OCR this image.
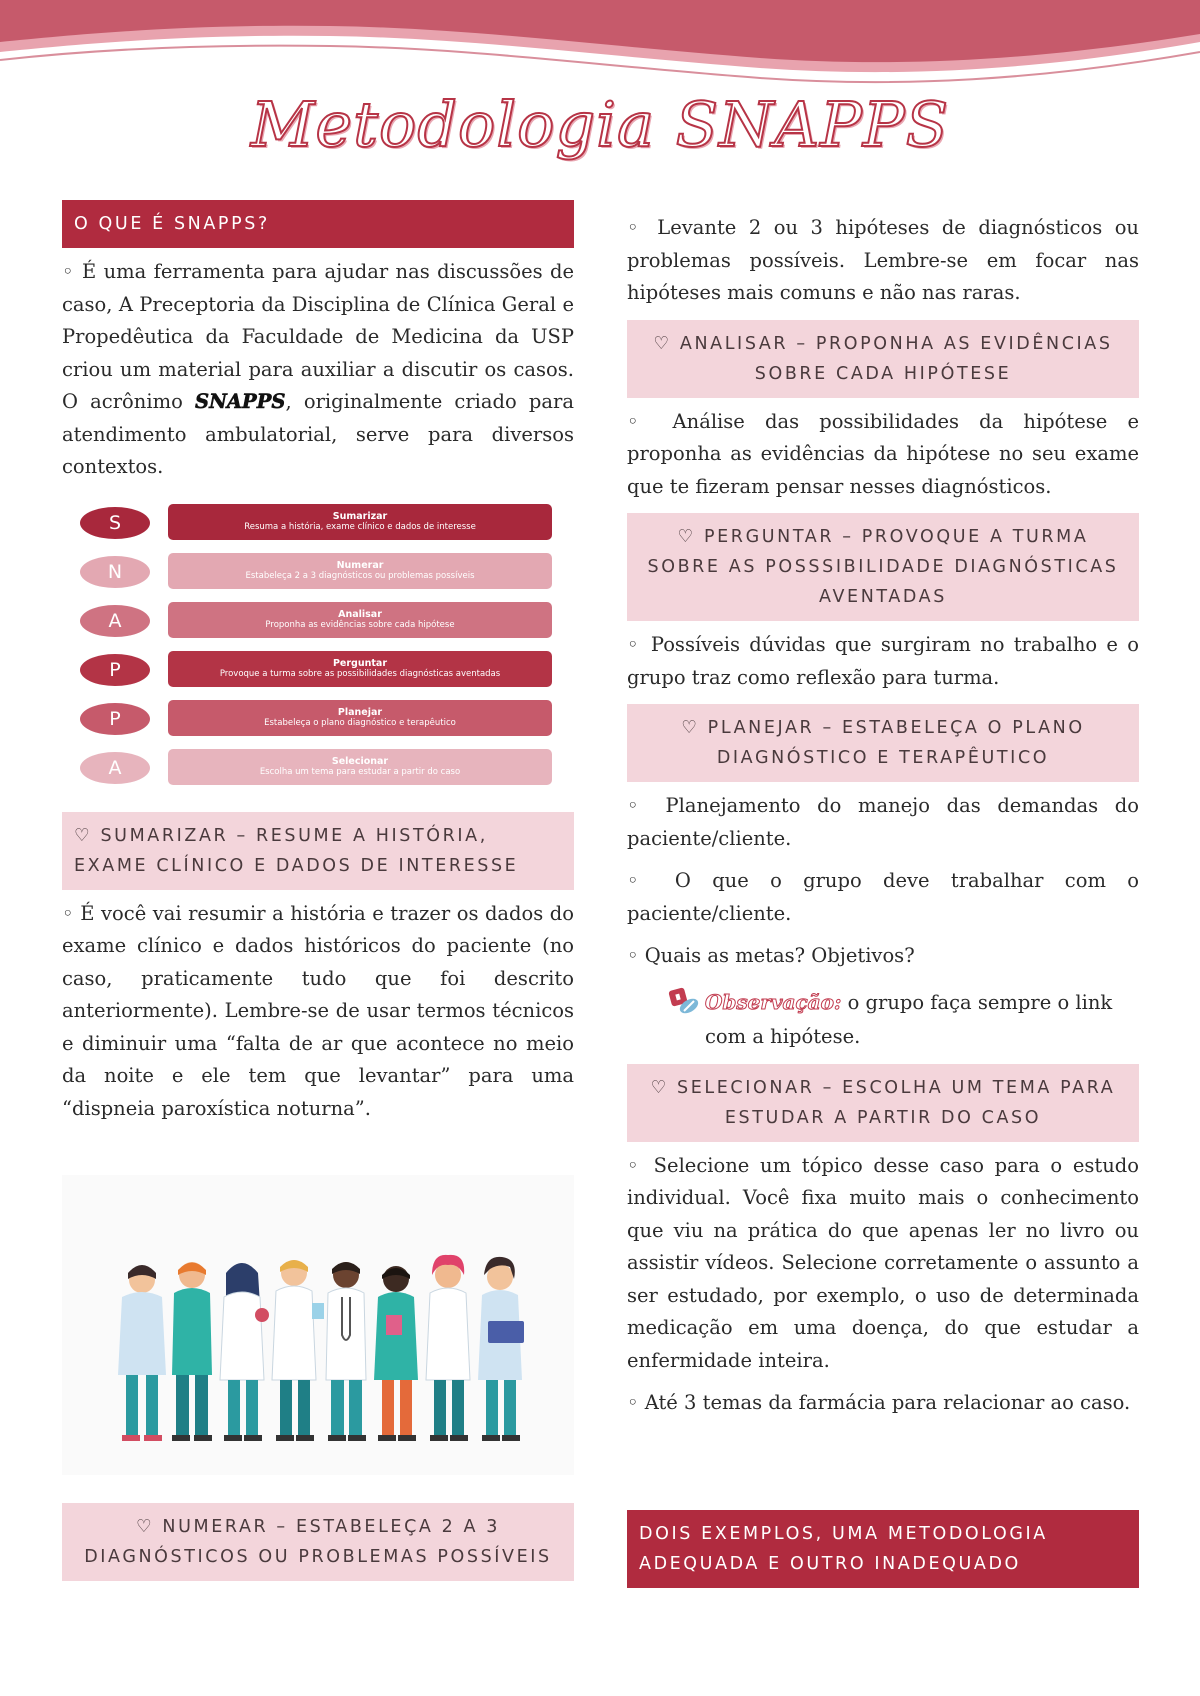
Metodologia SNAPPS
O QUE É SNAPPS?

◦ É uma ferramenta para ajudar nas discussões de caso, A Preceptoria da Disciplina de Clínica Geral e Propedêutica da Faculdade de Medicina da USP criou um material para auxiliar a discutir os casos. O acrônimo SNAPPS, originalmente criado para atendimento ambulatorial, serve para diversos contextos.

S	Sumarizar
Resuma a história, exame clínico e dados de interesse
N	Numerar
Estabeleça 2 a 3 diagnósticos ou problemas possíveis
A	Analisar
Proponha as evidências sobre cada hipótese
P	Perguntar
Provoque a turma sobre as possibilidades diagnósticas aventadas
P	Planejar
Estabeleça o plano diagnóstico e terapêutico
A	Selecionar
Escolha um tema para estudar a partir do caso
♡ SUMARIZAR – RESUME A HISTÓRIA, EXAME CLÍNICO E DADOS DE INTERESSE

◦ É você vai resumir a história e trazer os dados do exame clínico e dados históricos do paciente (no caso, praticamente tudo que foi descrito anteriormente). Lembre-se de usar termos técnicos e diminuir uma “falta de ar que acontece no meio da noite e ele tem que levantar” para uma “dispneia paroxística noturna”.

♡ NUMERAR – ESTABELEÇA 2 A 3 DIAGNÓSTICOS OU PROBLEMAS POSSÍVEIS

◦ Levante 2 ou 3 hipóteses de diagnósticos ou problemas possíveis. Lembre-se em focar nas hipóteses mais comuns e não nas raras.

♡ ANALISAR – PROPONHA AS EVIDÊNCIAS SOBRE CADA HIPÓTESE

◦ Análise das possibilidades da hipótese e proponha as evidências da hipótese no seu exame que te fizeram pensar nesses diagnósticos.

♡ PERGUNTAR – PROVOQUE A TURMA SOBRE AS POSSSIBILIDADE DIAGNÓSTICAS AVENTADAS

◦ Possíveis dúvidas que surgiram no trabalho e o grupo traz como reflexão para turma.

♡ PLANEJAR – ESTABELEÇA O PLANO DIAGNÓSTICO E TERAPÊUTICO

◦ Planejamento do manejo das demandas do paciente/cliente.

◦ O que o grupo deve trabalhar com o paciente/cliente.

◦ Quais as metas? Objetivos?

Observação: o grupo faça sempre o link com a hipótese.
♡ SELECIONAR – ESCOLHA UM TEMA PARA ESTUDAR A PARTIR DO CASO

◦ Selecione um tópico desse caso para o estudo individual. Você fixa muito mais o conhecimento que viu na prática do que apenas ler no livro ou assistir vídeos. Selecione corretamente o assunto a ser estudado, por exemplo, o uso de determinada medicação em uma doença, do que estudar a enfermidade inteira.

◦ Até 3 temas da farmácia para relacionar ao caso.

DOIS EXEMPLOS, UMA METODOLOGIA ADEQUADA E OUTRO INADEQUADO
